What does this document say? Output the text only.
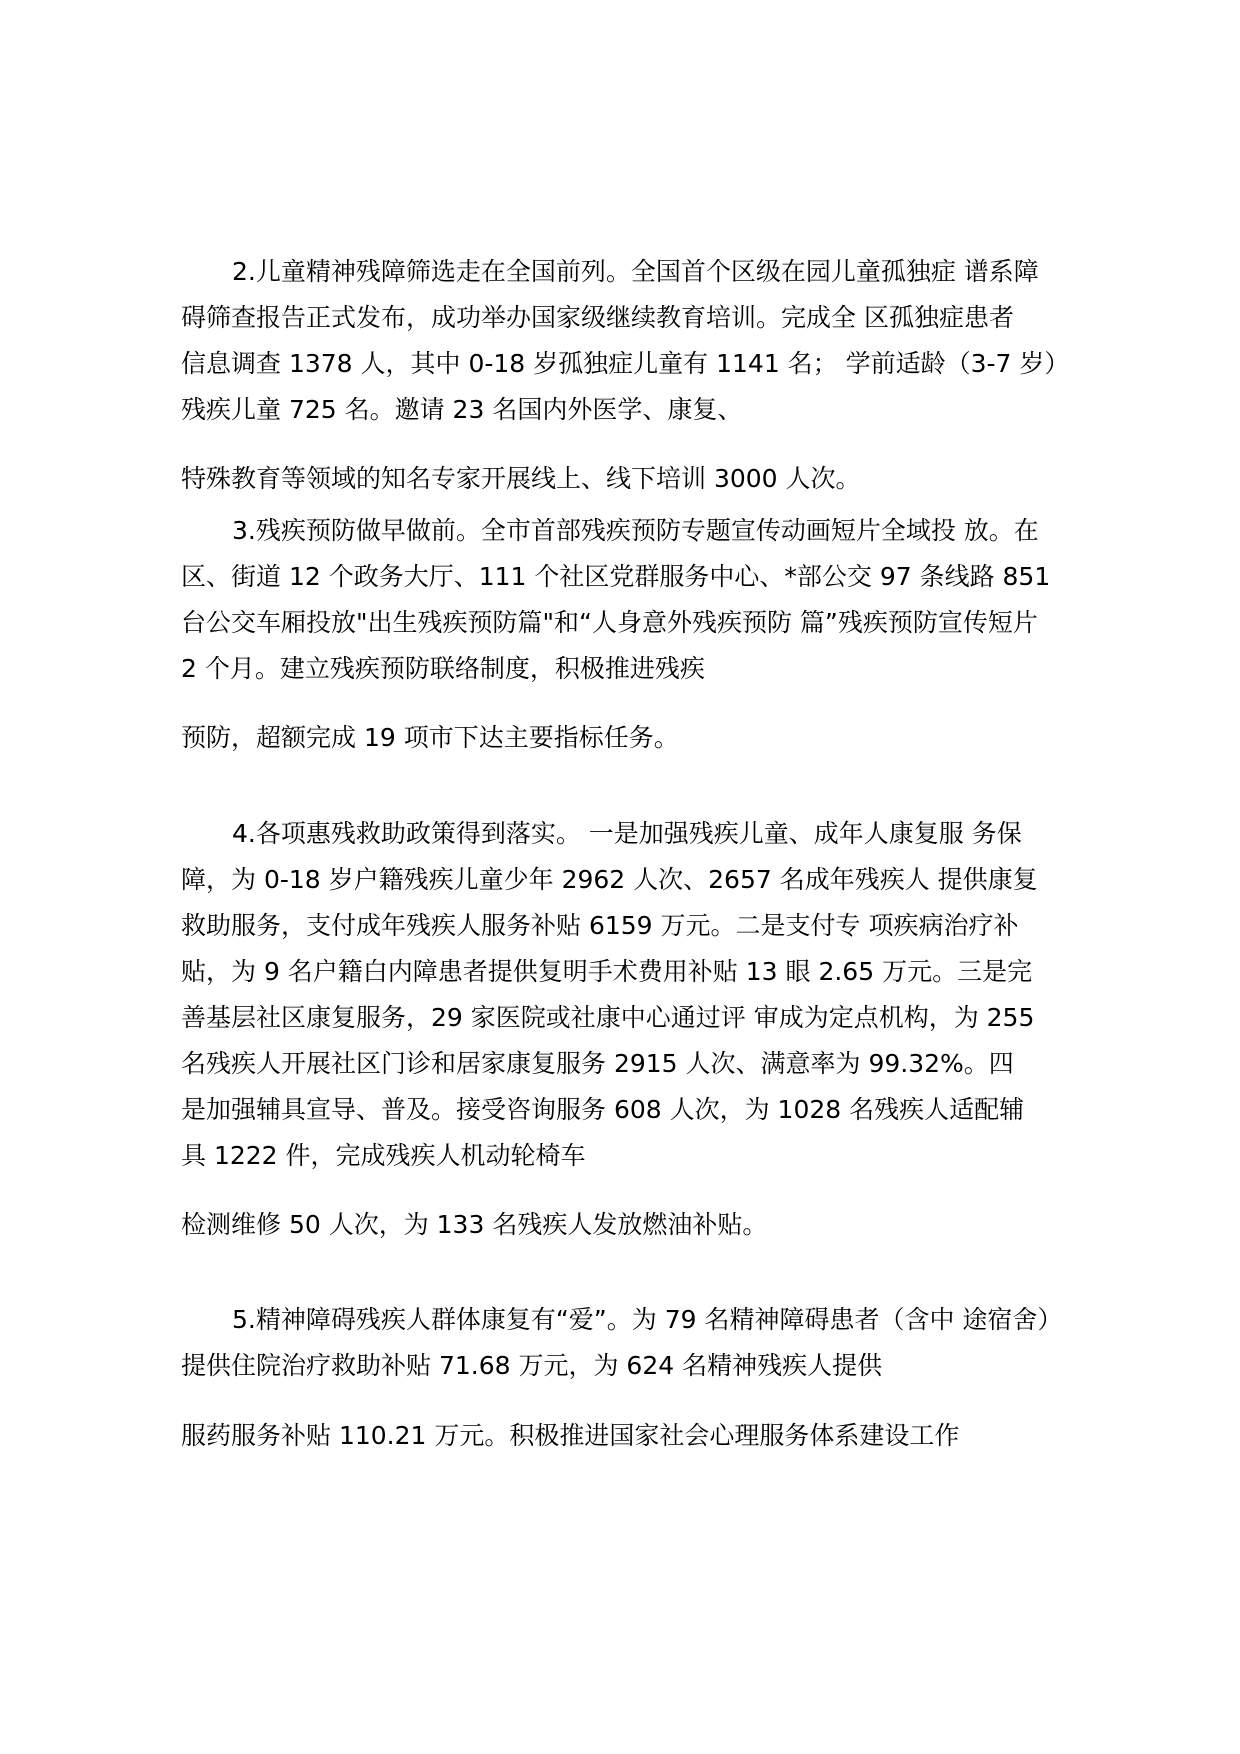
2.儿童精神残障筛选走在全国前列。全国首个区级在园儿童孤独症 谱系障
碍筛查报告正式发布，成功举办国家级继续教育培训。完成全 区孤独症患者
信息调查 1378 人，其中 0-18 岁孤独症儿童有 1141 名； 学前适龄（3-7 岁）
残疾儿童 725 名。邀请 23 名国内外医学、康复、
特殊教育等领域的知名专家开展线上、线下培训 3000 人次。
3.残疾预防做早做前。全市首部残疾预防专题宣传动画短片全域投 放。在
区、街道 12 个政务大厅、111 个社区党群服务中心、*部公交 97 条线路 851
台公交车厢投放"出生残疾预防篇"和“人身意外残疾预防 篇”残疾预防宣传短片
2 个月。建立残疾预防联络制度，积极推进残疾
预防，超额完成 19 项市下达主要指标任务。
4.各项惠残救助政策得到落实。 一是加强残疾儿童、成年人康复服 务保
障，为 0-18 岁户籍残疾儿童少年 2962 人次、2657 名成年残疾人 提供康复
救助服务，支付成年残疾人服务补贴 6159 万元。二是支付专 项疾病治疗补
贴，为 9 名户籍白内障患者提供复明手术费用补贴 13 眼 2.65 万元。三是完
善基层社区康复服务，29 家医院或社康中心通过评 审成为定点机构，为 255
名残疾人开展社区门诊和居家康复服务 2915 人次、满意率为 99.32%。四
是加强辅具宣导、普及。接受咨询服务 608 人次，为 1028 名残疾人适配辅
具 1222 件，完成残疾人机动轮椅车
检测维修 50 人次，为 133 名残疾人发放燃油补贴。
5.精神障碍残疾人群体康复有“爱”。为 79 名精神障碍患者（含中 途宿舍）
提供住院治疗救助补贴 71.68 万元，为 624 名精神残疾人提供
服药服务补贴 110.21 万元。积极推进国家社会心理服务体系建设工作
